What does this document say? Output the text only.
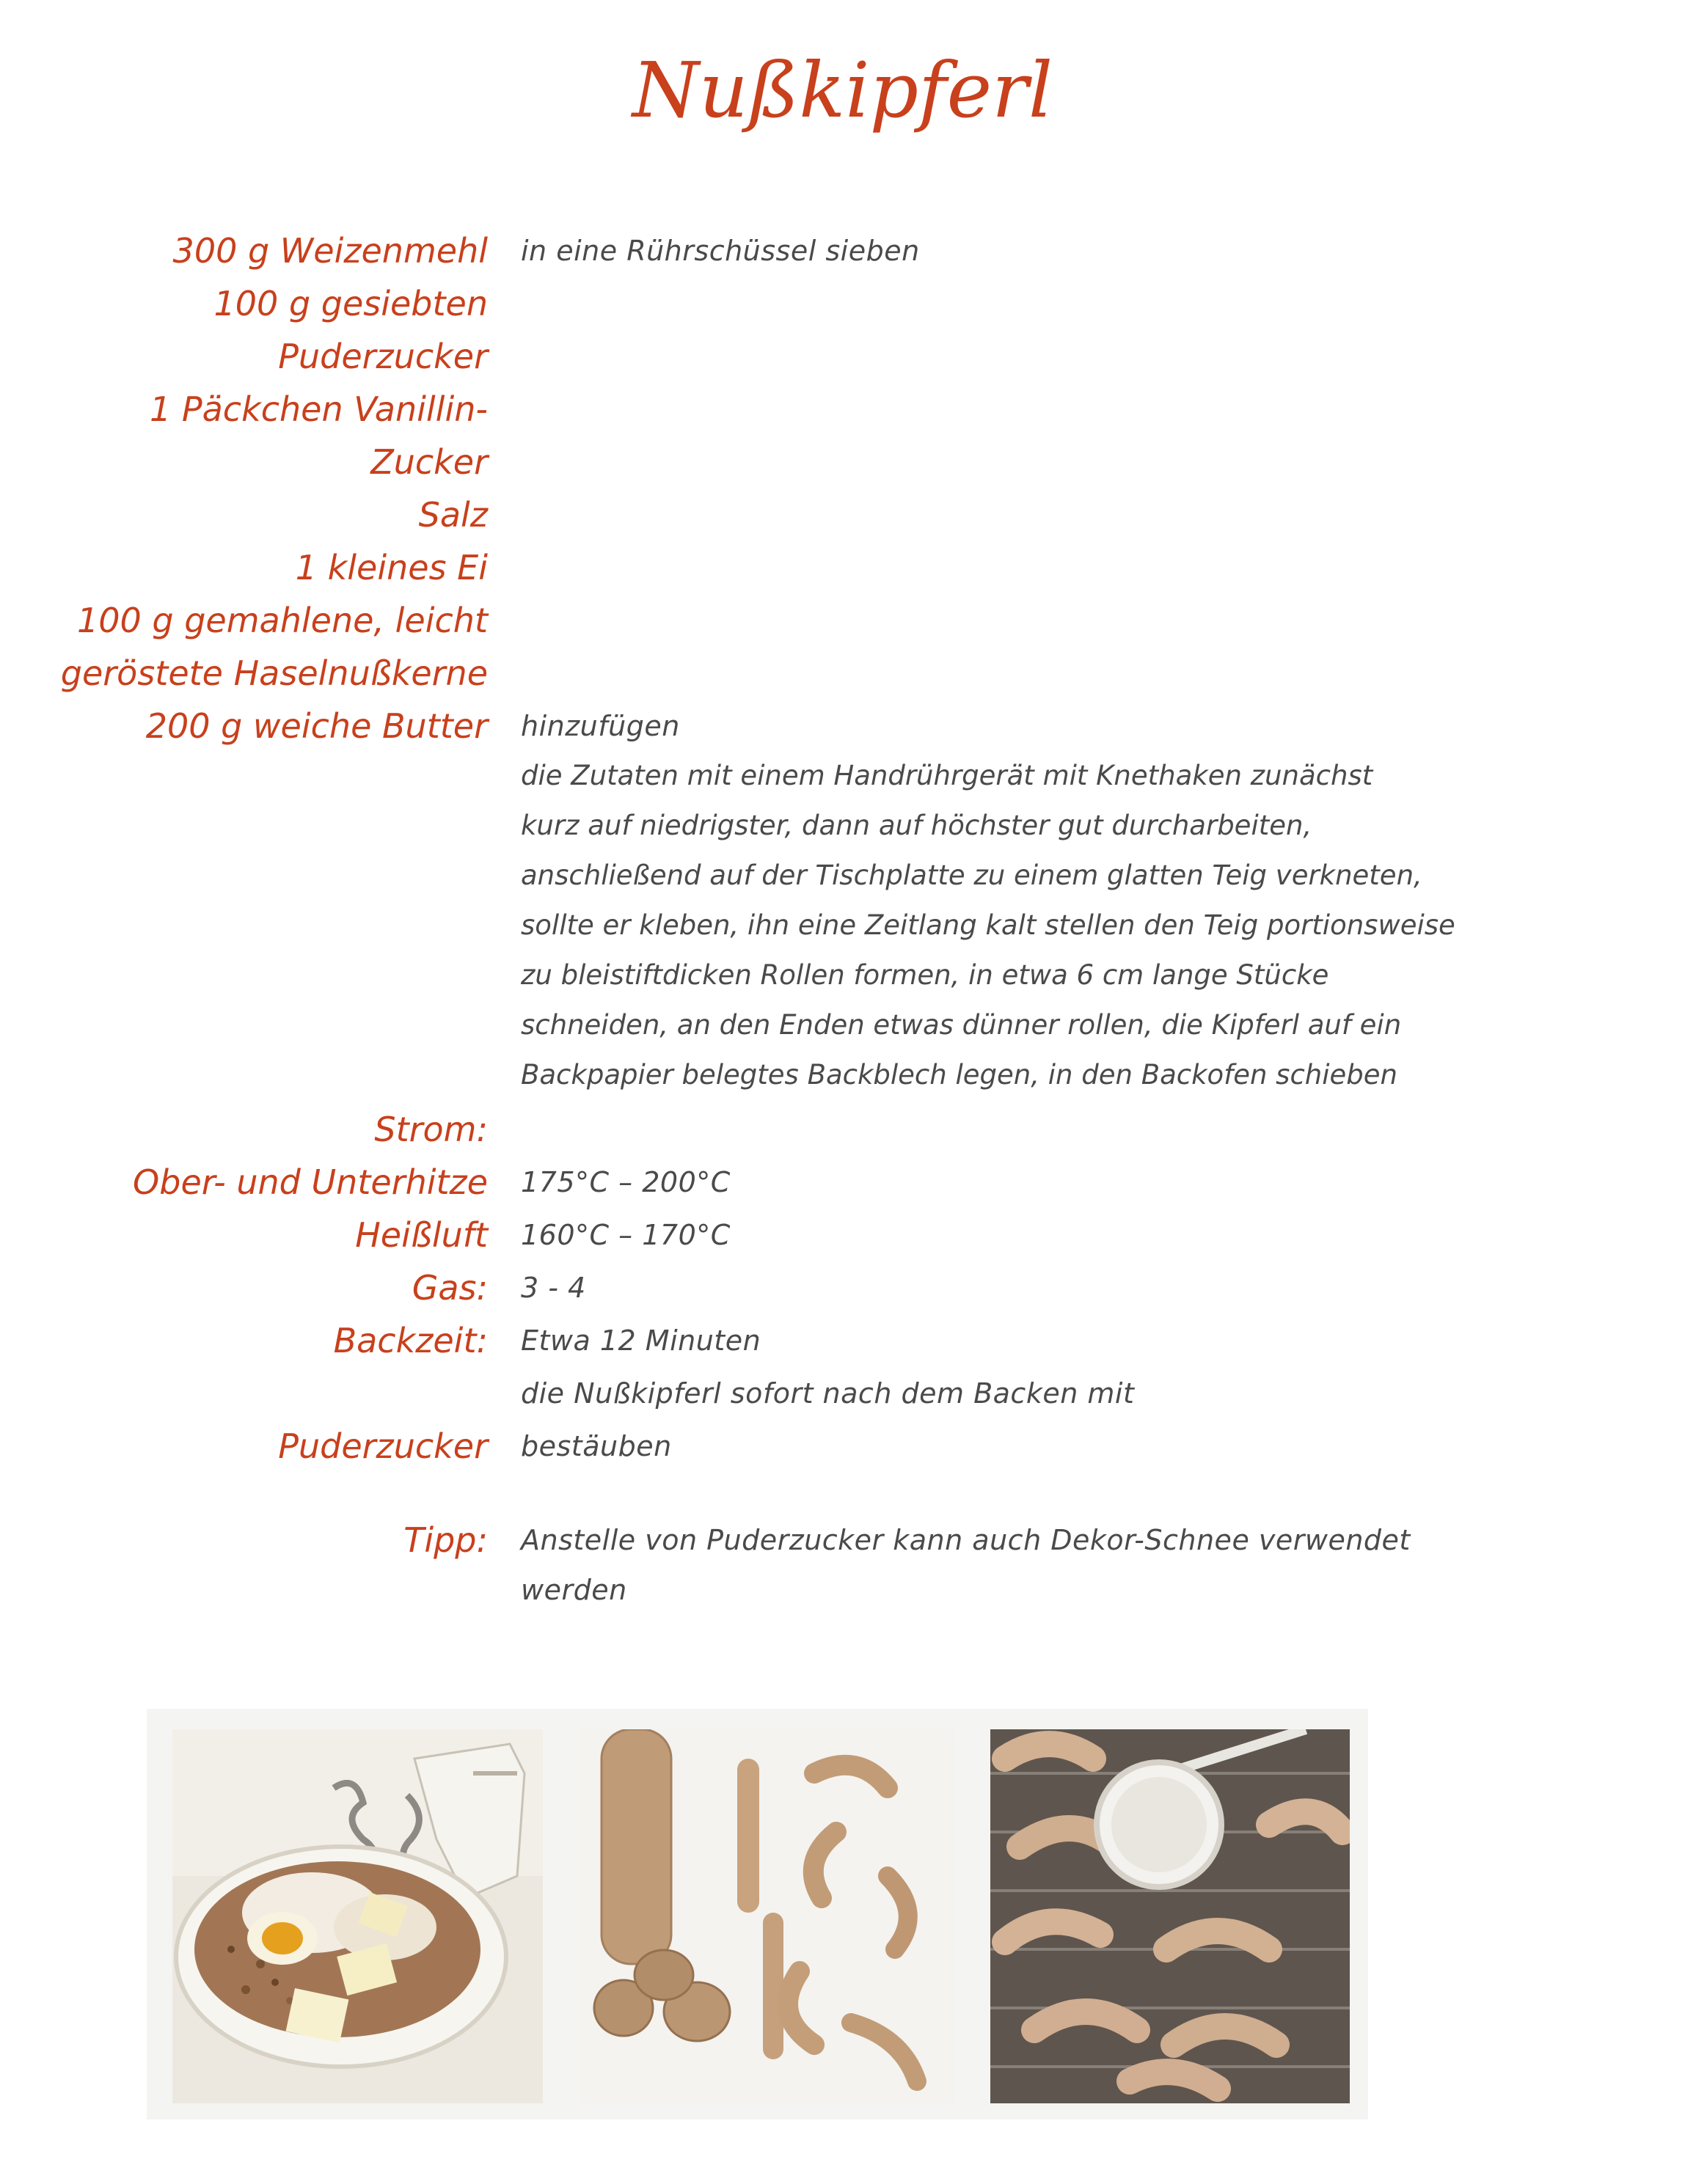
Nußkipferl
300 g Weizenmehl in eine Rührschüssel sieben
100 g gesiebten
Puderzucker
1 Päckchen Vanillin-
Zucker
Salz
1 kleines Ei
100 g gemahlene, leicht
geröstete Haselnußkerne
200 g weiche Butter hinzufügen
die Zutaten mit einem Handrührgerät mit Knethaken zunächst
kurz auf niedrigster, dann auf höchster gut durcharbeiten,
anschließend auf der Tischplatte zu einem glatten Teig verkneten,
sollte er kleben, ihn eine Zeitlang kalt stellen den Teig portionsweise
zu bleistiftdicken Rollen formen, in etwa 6 cm lange Stücke
schneiden, an den Enden etwas dünner rollen, die Kipferl auf ein
Backpapier belegtes Backblech legen, in den Backofen schieben
Strom:
Ober- und Unterhitze 175°C – 200°C
Heißluft 160°C – 170°C
Gas: 3 - 4
Backzeit: Etwa 12 Minuten
die Nußkipferl sofort nach dem Backen mit
Puderzucker bestäuben
Tipp: Anstelle von Puderzucker kann auch Dekor-Schnee verwendet
werden
